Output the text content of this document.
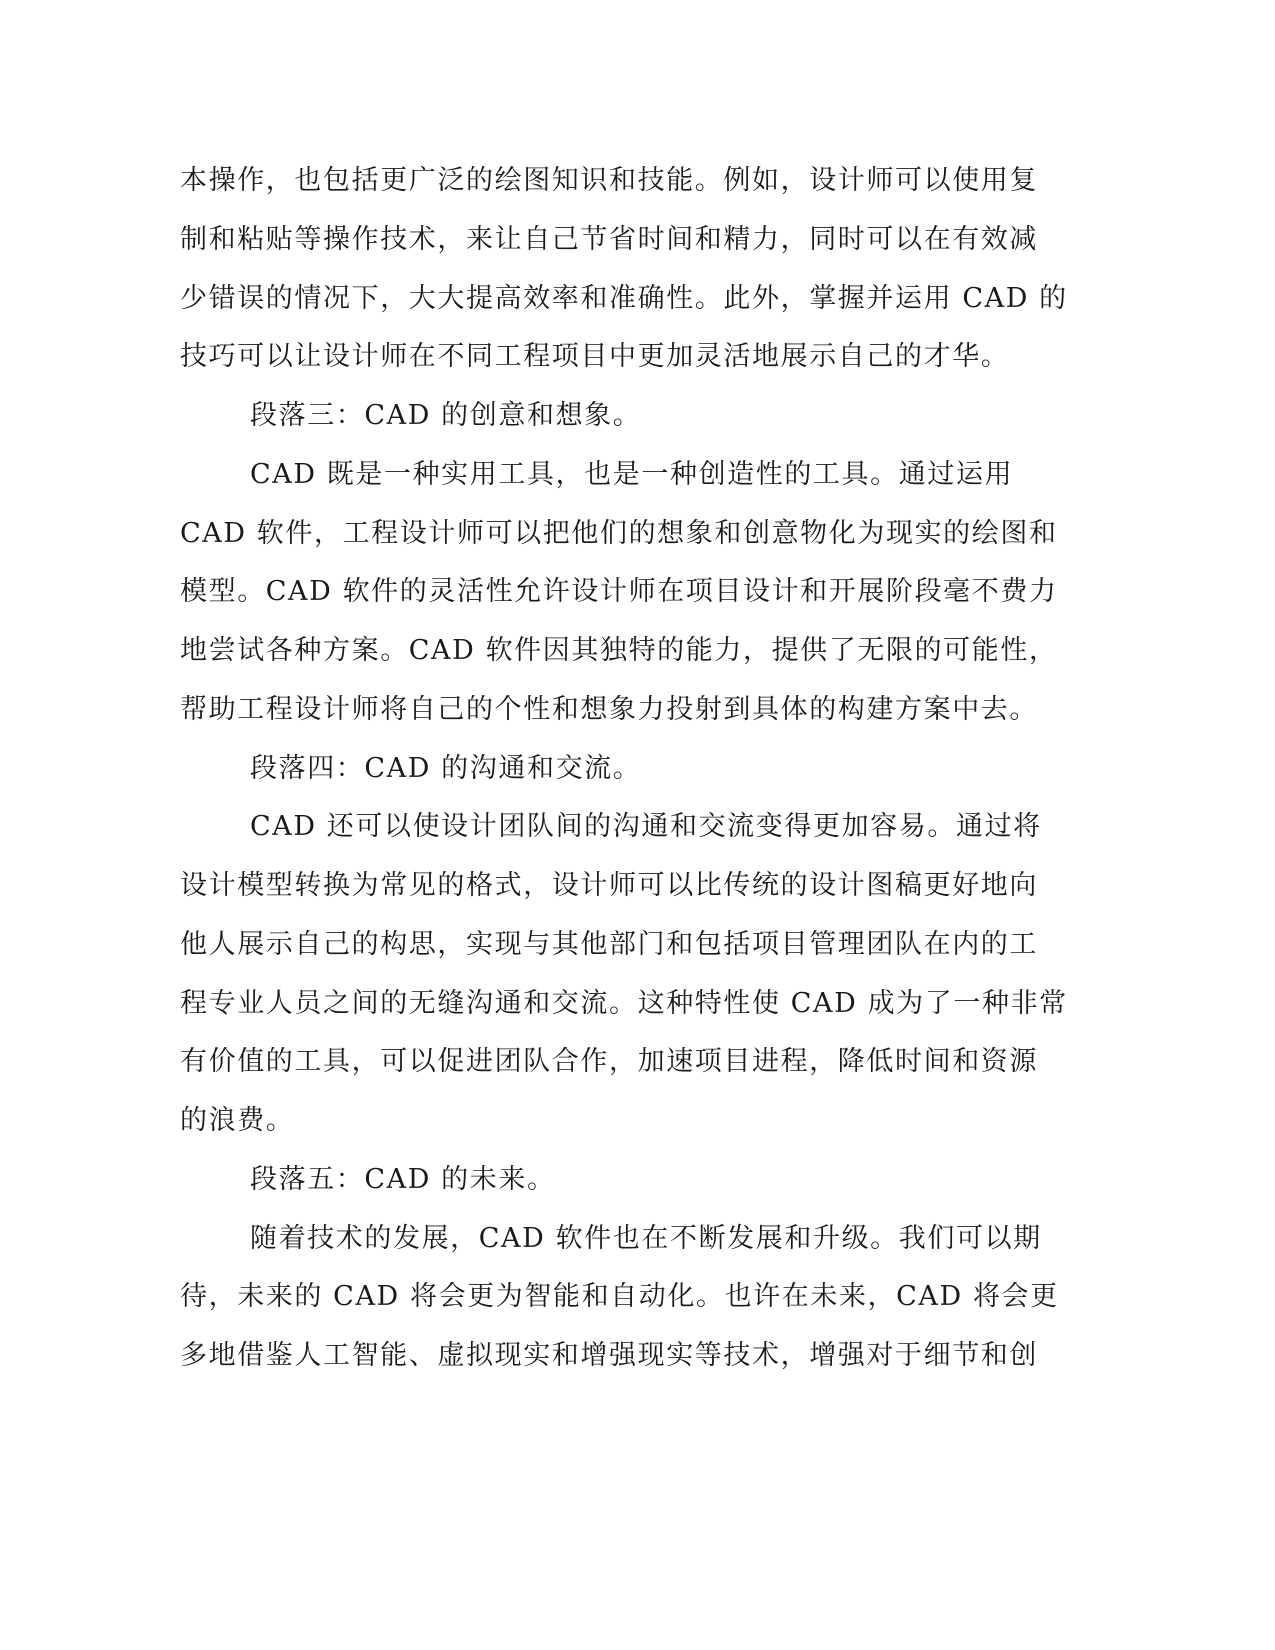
本操作，也包括更广泛的绘图知识和技能。例如，设计师可以使用复
制和粘贴等操作技术，来让自己节省时间和精力，同时可以在有效减
少错误的情况下，大大提高效率和准确性。此外，掌握并运用 CAD 的
技巧可以让设计师在不同工程项目中更加灵活地展示自己的才华。
段落三：CAD 的创意和想象。
CAD 既是一种实用工具，也是一种创造性的工具。通过运用
CAD 软件，工程设计师可以把他们的想象和创意物化为现实的绘图和
模型。CAD 软件的灵活性允许设计师在项目设计和开展阶段毫不费力
地尝试各种方案。CAD 软件因其独特的能力，提供了无限的可能性，
帮助工程设计师将自己的个性和想象力投射到具体的构建方案中去。
段落四：CAD 的沟通和交流。
CAD 还可以使设计团队间的沟通和交流变得更加容易。通过将
设计模型转换为常见的格式，设计师可以比传统的设计图稿更好地向
他人展示自己的构思，实现与其他部门和包括项目管理团队在内的工
程专业人员之间的无缝沟通和交流。这种特性使 CAD 成为了一种非常
有价值的工具，可以促进团队合作，加速项目进程，降低时间和资源
的浪费。
段落五：CAD 的未来。
随着技术的发展，CAD 软件也在不断发展和升级。我们可以期
待，未来的 CAD 将会更为智能和自动化。也许在未来，CAD 将会更
多地借鉴人工智能、虚拟现实和增强现实等技术，增强对于细节和创
